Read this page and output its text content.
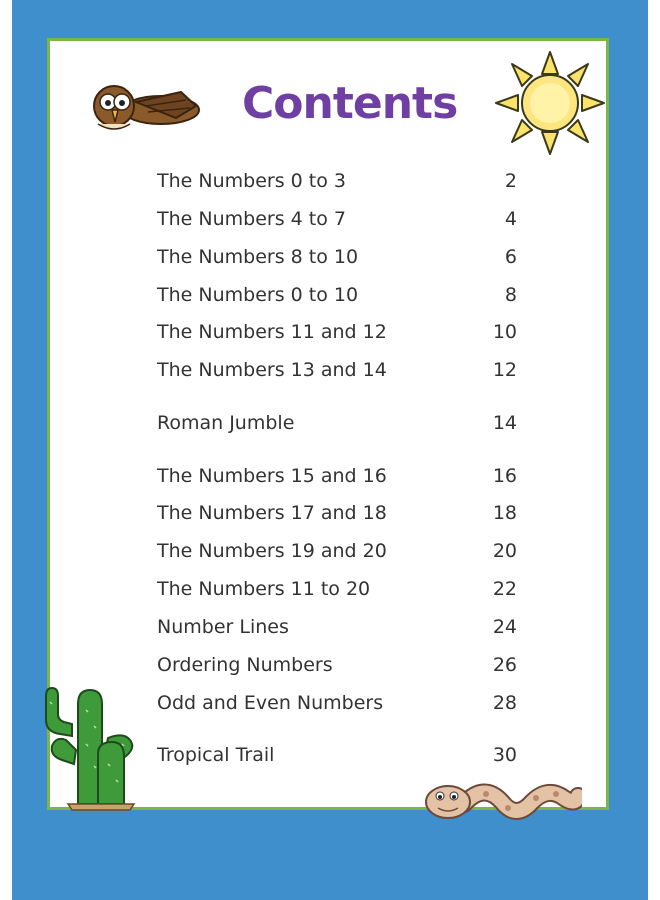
Contents
The Numbers 0 to 3	2
The Numbers 4 to 7	4
The Numbers 8 to 10	6
The Numbers 0 to 10	8
The Numbers 11 and 12	10
The Numbers 13 and 14	12
Roman Jumble	14
The Numbers 15 and 16	16
The Numbers 17 and 18	18
The Numbers 19 and 20	20
The Numbers 11 to 20	22
Number Lines	24
Ordering Numbers	26
Odd and Even Numbers	28
Tropical Trail	30
